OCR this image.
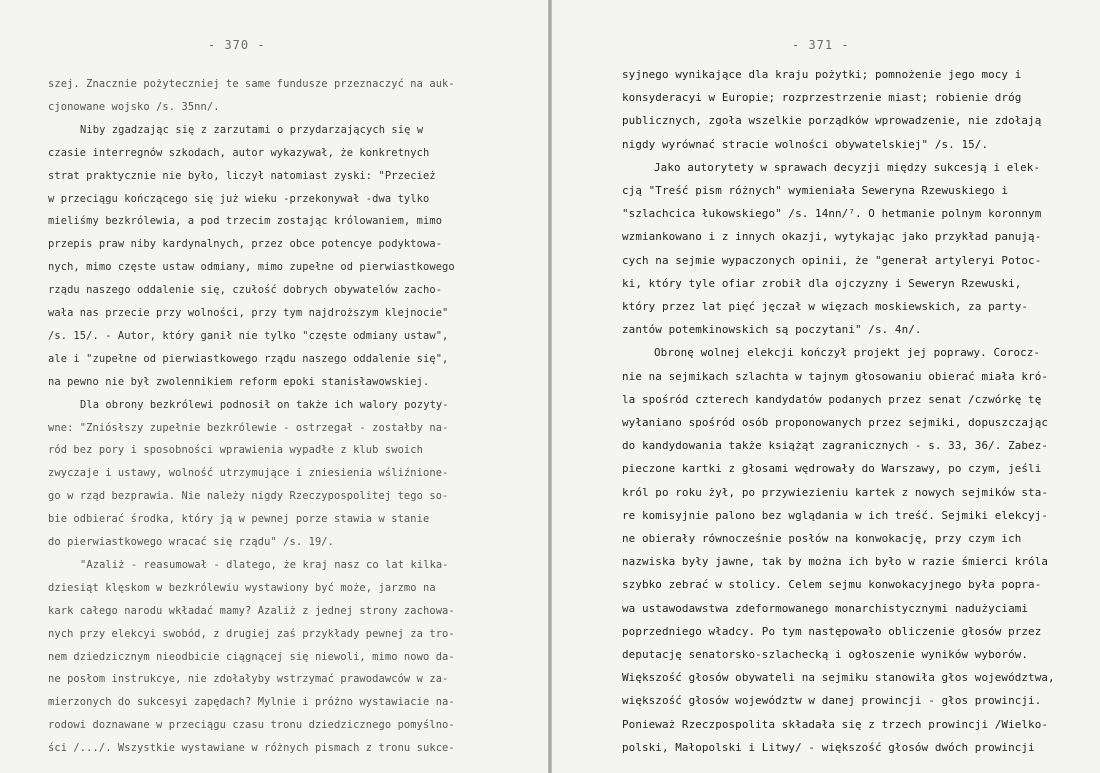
- 370 -
szej. Znacznie pożyteczniej te same fundusze przeznaczyć na auk-
cjonowane wojsko /s. 35nn/.
Niby zgadzając się z zarzutami o przydarzających się w
czasie interregnów szkodach, autor wykazywał, że konkretnych
strat praktycznie nie było, liczył natomiast zyski: "Przecież
w przeciągu kończącego się już wieku -przekonywał -dwa tylko
mieliśmy bezkrólewia, a pod trzecim zostając królowaniem, mimo
przepis praw niby kardynalnych, przez obce potencye podyktowa-
nych, mimo częste ustaw odmiany, mimo zupełne od pierwiastkowego
rządu naszego oddalenie się, czułość dobrych obywatelów zacho-
wała nas przecie przy wolności, przy tym najdroższym klejnocie"
/s. 15/. - Autor, który ganił nie tylko "częste odmiany ustaw",
ale i "zupełne od pierwiastkowego rządu naszego oddalenie się",
na pewno nie był zwolennikiem reform epoki stanisławowskiej.
Dla obrony bezkrólewi podnosił on także ich walory pozyty-
wne: "Zniósłszy zupełnie bezkrólewie - ostrzegał - zostałby na-
ród bez pory i sposobności wprawienia wypadłe z klub swoich
zwyczaje i ustawy, wolność utrzymujące i zniesienia wśliźnione-
go w rząd bezprawia. Nie należy nigdy Rzeczypospolitej tego so-
bie odbierać środka, który ją w pewnej porze stawia w stanie
do pierwiastkowego wracać się rządu" /s. 19/.
"Azaliż - reasumował - dlatego, że kraj nasz co lat kilka-
dziesiąt klęskom w bezkrólewiu wystawiony być może, jarzmo na
kark całego narodu wkładać mamy? Azaliż z jednej strony zachowa-
nych przy elekcyi swobód, z drugiej zaś przykłady pewnej za tro-
nem dziedzicznym nieodbicie ciągnącej się niewoli, mimo nowo da-
ne posłom instrukcye, nie zdołałyby wstrzymać prawodawców w za-
mierzonych do sukcesyi zapędach? Mylnie i próżno wystawiacie na-
rodowi doznawane w przeciągu czasu tronu dziedzicznego pomyślno-
ści /.../. Wszystkie wystawiane w różnych pismach z tronu sukce-
- 371 -
syjnego wynikające dla kraju pożytki; pomnożenie jego mocy i
konsyderacyi w Europie; rozprzestrzenie miast; robienie dróg
publicznych, zgoła wszelkie porządków wprowadzenie, nie zdołają
nigdy wyrównać stracie wolności obywatelskiej" /s. 15/.
Jako autorytety w sprawach decyzji między sukcesją i elek-
cją "Treść pism różnych" wymieniała Seweryna Rzewuskiego i
"szlachcica łukowskiego" /s. 14nn/⁷. O hetmanie polnym koronnym
wzmiankowano i z innych okazji, wytykając jako przykład panują-
cych na sejmie wypaczonych opinii, że "generał artyleryi Potoc-
ki, który tyle ofiar zrobił dla ojczyzny i Seweryn Rzewuski,
który przez lat pięć jęczał w więzach moskiewskich, za party-
zantów potemkinowskich są poczytani" /s. 4n/.
Obronę wolnej elekcji kończył projekt jej poprawy. Corocz-
nie na sejmikach szlachta w tajnym głosowaniu obierać miała kró-
la spośród czterech kandydatów podanych przez senat /czwórkę tę
wyłaniano spośród osób proponowanych przez sejmiki, dopuszczając
do kandydowania także książąt zagranicznych - s. 33, 36/. Zabez-
pieczone kartki z głosami wędrowały do Warszawy, po czym, jeśli
król po roku żył, po przywiezieniu kartek z nowych sejmików sta-
re komisyjnie palono bez wglądania w ich treść. Sejmiki elekcyj-
ne obierały równocześnie posłów na konwokację, przy czym ich
nazwiska były jawne, tak by można ich było w razie śmierci króla
szybko zebrać w stolicy. Celem sejmu konwokacyjnego była popra-
wa ustawodawstwa zdeformowanego monarchistycznymi nadużyciami
poprzedniego władcy. Po tym następowało obliczenie głosów przez
deputację senatorsko-szlachecką i ogłoszenie wyników wyborów.
Większość głosów obywateli na sejmiku stanowiła głos województwa,
większość głosów województw w danej prowincji - głos prowincji.
Ponieważ Rzeczpospolita składała się z trzech prowincji /Wielko-
polski, Małopolski i Litwy/ - większość głosów dwóch prowincji
